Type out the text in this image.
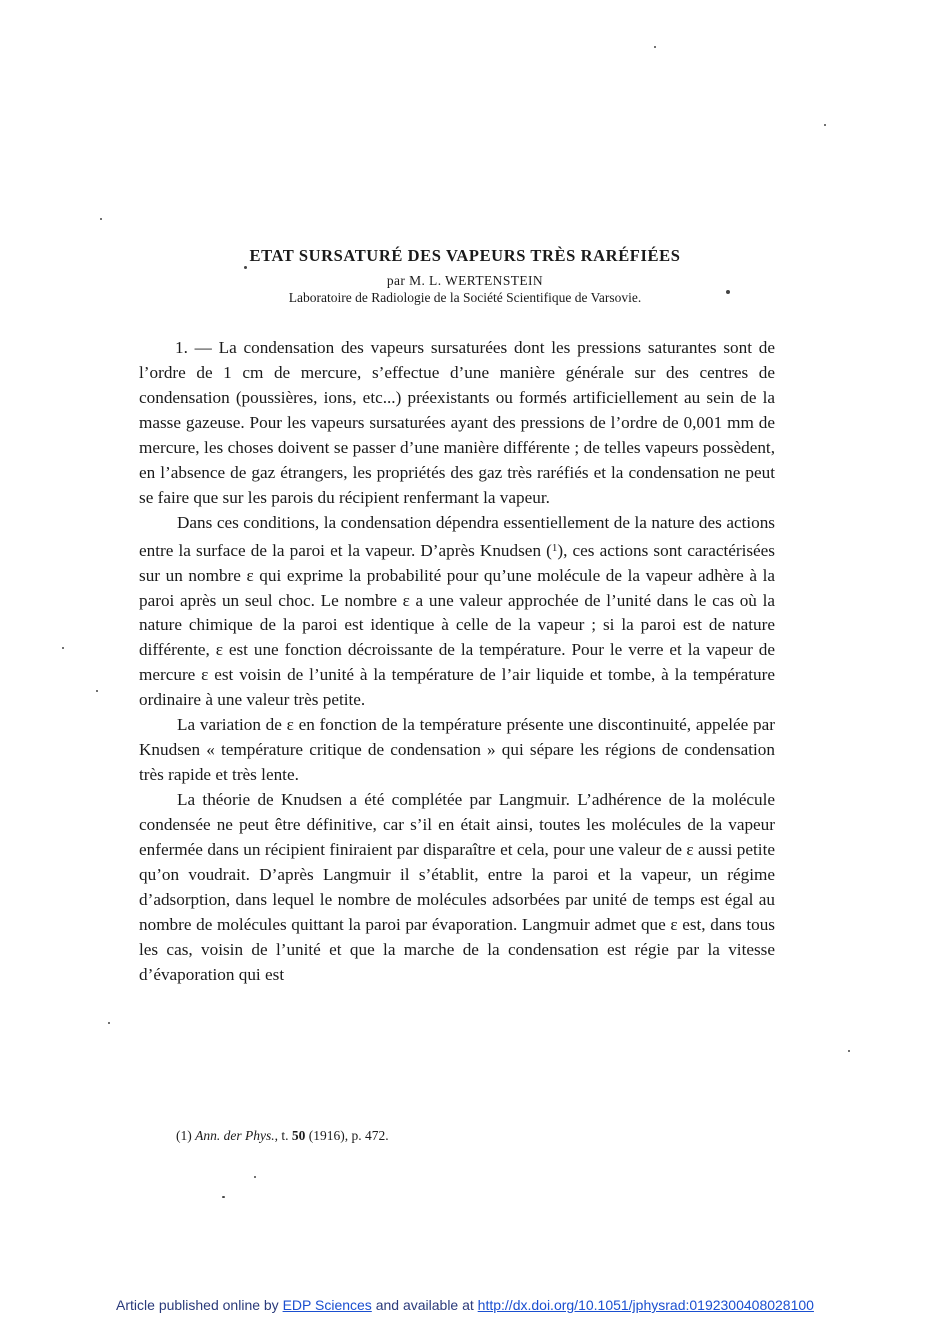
ETAT SURSATURÉ DES VAPEURS TRÈS RARÉFIÉES
par M. L. WERTENSTEIN
Laboratoire de Radiologie de la Société Scientifique de Varsovie.

1. — La condensation des vapeurs sursaturées dont les pressions saturantes sont de l’ordre de 1 cm de mercure, s’effectue d’une manière générale sur des centres de condensation (poussières, ions, etc...) préexistants ou formés artificiellement au sein de la masse gazeuse. Pour les vapeurs sursaturées ayant des pressions de l’ordre de 0,001 mm de mercure, les choses doivent se passer d’une manière différente ; de telles vapeurs possèdent, en l’absence de gaz étrangers, les propriétés des gaz très raréfiés et la condensation ne peut se faire que sur les parois du récipient renfermant la vapeur.

Dans ces conditions, la condensation dépendra essentiellement de la nature des actions entre la surface de la paroi et la vapeur. D’après Knudsen ($^1$), ces actions sont caractérisées sur un nombre ε qui exprime la probabilité pour qu’une molécule de la vapeur adhère à la paroi après un seul choc. Le nombre ε a une valeur approchée de l’unité dans le cas où la nature chimique de la paroi est identique à celle de la vapeur ; si la paroi est de nature différente, ε est une fonction décroissante de la température. Pour le verre et la vapeur de mercure ε est voisin de l’unité à la température de l’air liquide et tombe, à la température ordinaire à une valeur très petite.

La variation de ε en fonction de la température présente une discontinuité, appelée par Knudsen « température critique de condensation » qui sépare les régions de condensation très rapide et très lente.

La théorie de Knudsen a été complétée par Langmuir. L’adhérence de la molécule condensée ne peut être définitive, car s’il en était ainsi, toutes les molécules de la vapeur enfermée dans un récipient finiraient par disparaître et cela, pour une valeur de ε aussi petite qu’on voudrait. D’après Langmuir il s’établit, entre la paroi et la vapeur, un régime d’adsorption, dans lequel le nombre de molécules adsorbées par unité de temps est égal au nombre de molécules quittant la paroi par évaporation. Langmuir admet que ε est, dans tous les cas, voisin de l’unité et que la marche de la condensation est régie par la vitesse d’évaporation qui est

(1) Ann. der Phys., t. 50 (1916), p. 472.
Article published online by EDP Sciences and available at http://dx.doi.org/10.1051/jphysrad:0192300408028100
